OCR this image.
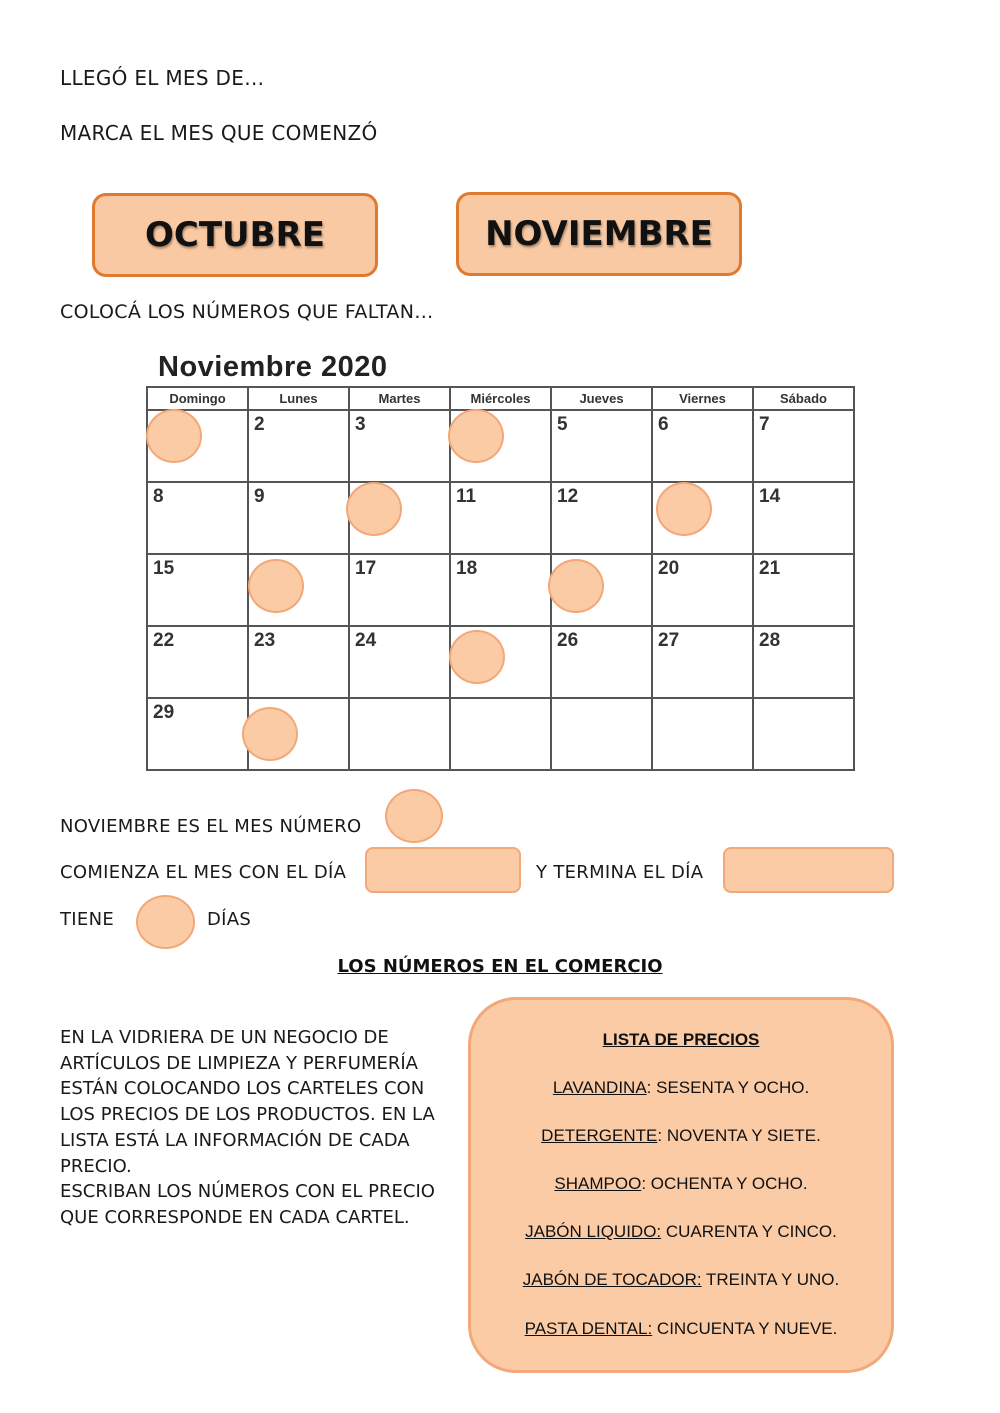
LLEGÓ EL MES DE…
MARCA EL MES QUE COMENZÓ
OCTUBRE	NOVIEMBRE
COLOCÁ LOS NÚMEROS QUE FALTAN…
Noviembre 2020
Domingo	Lunes	Martes	Miércoles	Jueves	Viernes	Sábado
	2	3		5	6	7
8	9		11	12		14
15		17	18		20	21
22	23	24		26	27	28
29						
NOVIEMBRE ES EL MES NÚMERO
COMIENZA EL MES CON EL DÍA	Y TERMINA EL DÍA
TIENE	DÍAS
LOS NÚMEROS EN EL COMERCIO
EN LA VIDRIERA DE UN NEGOCIO DE
ARTÍCULOS DE LIMPIEZA Y PERFUMERÍA
ESTÁN COLOCANDO LOS CARTELES CON
LOS PRECIOS DE LOS PRODUCTOS. EN LA
LISTA ESTÁ LA INFORMACIÓN DE CADA
PRECIO.
ESCRIBAN LOS NÚMEROS CON EL PRECIO
QUE CORRESPONDE EN CADA CARTEL.
LISTA DE PRECIOS
LAVANDINA: SESENTA Y OCHO.
DETERGENTE: NOVENTA Y SIETE.
SHAMPOO: OCHENTA Y OCHO.
JABÓN LIQUIDO: CUARENTA Y CINCO.
JABÓN DE TOCADOR: TREINTA Y UNO.
PASTA DENTAL: CINCUENTA Y NUEVE.
